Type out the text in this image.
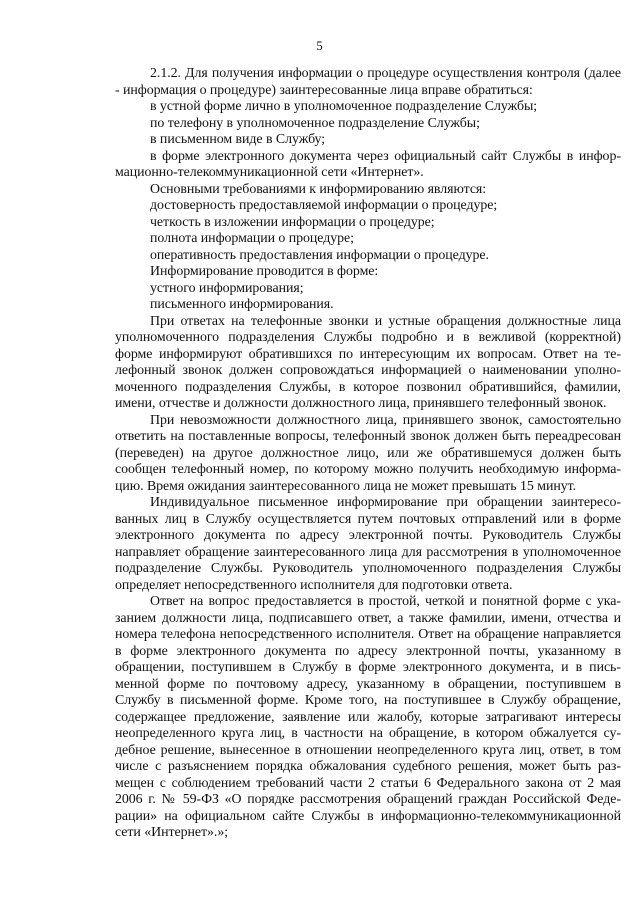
5

2.1.2. Для получения информации о процедуре осуществления контроля (далее - информация о процедуре) заинтересованные лица вправе обратиться:

в устной форме лично в уполномоченное подразделение Службы;

по телефону в уполномоченное подразделение Службы;

в письменном виде в Службу;

в форме электронного документа через официальный сайт Службы в информационно-телекоммуникационной сети «Интернет».

Основными требованиями к информированию являются:

достоверность предоставляемой информации о процедуре;

четкость в изложении информации о процедуре;

полнота информации о процедуре;

оперативность предоставления информации о процедуре.

Информирование проводится в форме:

устного информирования;

письменного информирования.

При ответах на телефонные звонки и устные обращения должностные лица уполномоченного подразделения Службы подробно и в вежливой (корректной) форме информируют обратившихся по интересующим их вопросам. Ответ на телефонный звонок должен сопровождаться информацией о наименовании уполномоченного подразделения Службы, в которое позвонил обратившийся, фамилии, имени, отчестве и должности должностного лица, принявшего телефонный звонок.

При невозможности должностного лица, принявшего звонок, самостоятельно ответить на поставленные вопросы, телефонный звонок должен быть переадресован (переведен) на другое должностное лицо, или же обратившемуся должен быть сообщен телефонный номер, по которому можно получить необходимую информацию. Время ожидания заинтересованного лица не может превышать 15 минут.

Индивидуальное письменное информирование при обращении заинтересованных лиц в Службу осуществляется путем почтовых отправлений или в форме электронного документа по адресу электронной почты. Руководитель Службы направляет обращение заинтересованного лица для рассмотрения в уполномоченное подразделение Службы. Руководитель уполномоченного подразделения Службы определяет непосредственного исполнителя для подготовки ответа.

Ответ на вопрос предоставляется в простой, четкой и понятной форме с указанием должности лица, подписавшего ответ, а также фамилии, имени, отчества и номера телефона непосредственного исполнителя. Ответ на обращение направляется в форме электронного документа по адресу электронной почты, указанному в обращении, поступившем в Службу в форме электронного документа, и в письменной форме по почтовому адресу, указанному в обращении, поступившем в Службу в письменной форме. Кроме того, на поступившее в Службу обращение, содержащее предложение, заявление или жалобу, которые затрагивают интересы неопределенного круга лиц, в частности на обращение, в котором обжалуется судебное решение, вынесенное в отношении неопределенного круга лиц, ответ, в том числе с разъяснением порядка обжалования судебного решения, может быть размещен с соблюдением требований части 2 статьи 6 Федерального закона от 2 мая 2006 г. № 59-ФЗ «О порядке рассмотрения обращений граждан Российской Федерации» на официальном сайте Службы в информационно-телекоммуникационной сети «Интернет».»;
